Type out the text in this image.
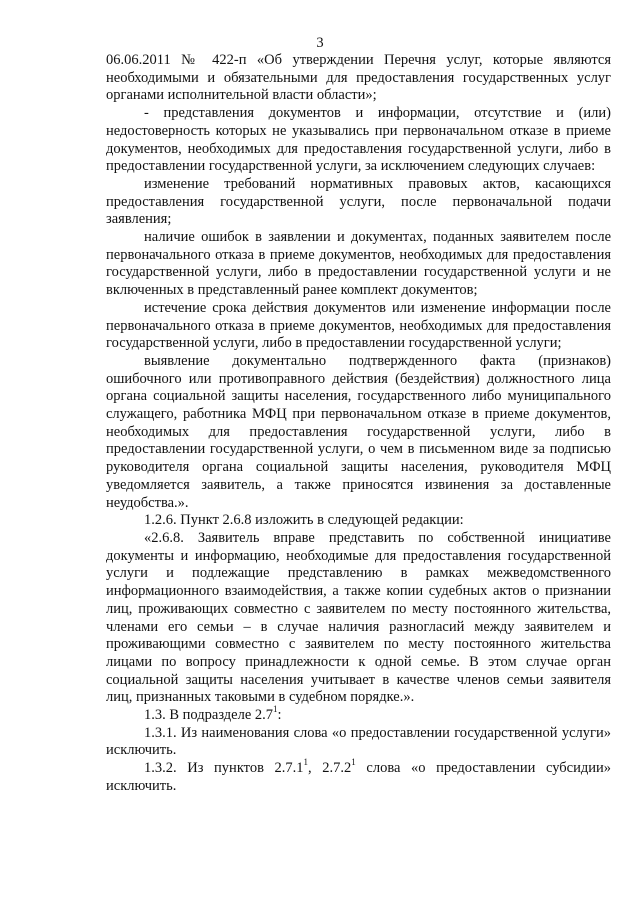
3

06.06.2011 № 422-п «Об утверждении Перечня услуг, которые являются необходимыми и обязательными для предоставления государственных услуг органами исполнительной власти области»;

- представления документов и информации, отсутствие и (или) недостоверность которых не указывались при первоначальном отказе в приеме документов, необходимых для предоставления государственной услуги, либо в предоставлении государственной услуги, за исключением следующих случаев:

изменение требований нормативных правовых актов, касающихся предоставления государственной услуги, после первоначальной подачи заявления;

наличие ошибок в заявлении и документах, поданных заявителем после первоначального отказа в приеме документов, необходимых для предоставления государственной услуги, либо в предоставлении государственной услуги и не включенных в представленный ранее комплект документов;

истечение срока действия документов или изменение информации после первоначального отказа в приеме документов, необходимых для предоставления государственной услуги, либо в предоставлении государственной услуги;

выявление документально подтвержденного факта (признаков) ошибочного или противоправного действия (бездействия) должностного лица органа социальной защиты населения, государственного либо муниципального служащего, работника МФЦ при первоначальном отказе в приеме документов, необходимых для предоставления государственной услуги, либо в предоставлении государственной услуги, о чем в письменном виде за подписью руководителя органа социальной защиты населения, руководителя МФЦ уведомляется заявитель, а также приносятся извинения за доставленные неудобства.».

1.2.6. Пункт 2.6.8 изложить в следующей редакции:

«2.6.8. Заявитель вправе представить по собственной инициативе документы и информацию, необходимые для предоставления государственной услуги и подлежащие представлению в рамках межведомственного информационного взаимодействия, а также копии судебных актов о признании лиц, проживающих совместно с заявителем по месту постоянного жительства, членами его семьи – в случае наличия разногласий между заявителем и проживающими совместно с заявителем по месту постоянного жительства лицами по вопросу принадлежности к одной семье. В этом случае орган социальной защиты населения учитывает в качестве членов семьи заявителя лиц, признанных таковыми в судебном порядке.».

1.3. В подразделе $2.7^1$:

1.3.1. Из наименования слова «о предоставлении государственной услуги» исключить.

1.3.2. Из пунктов 2.7.1$^1$, 2.7.2$^1$ слова «о предоставлении субсидии» исключить.
